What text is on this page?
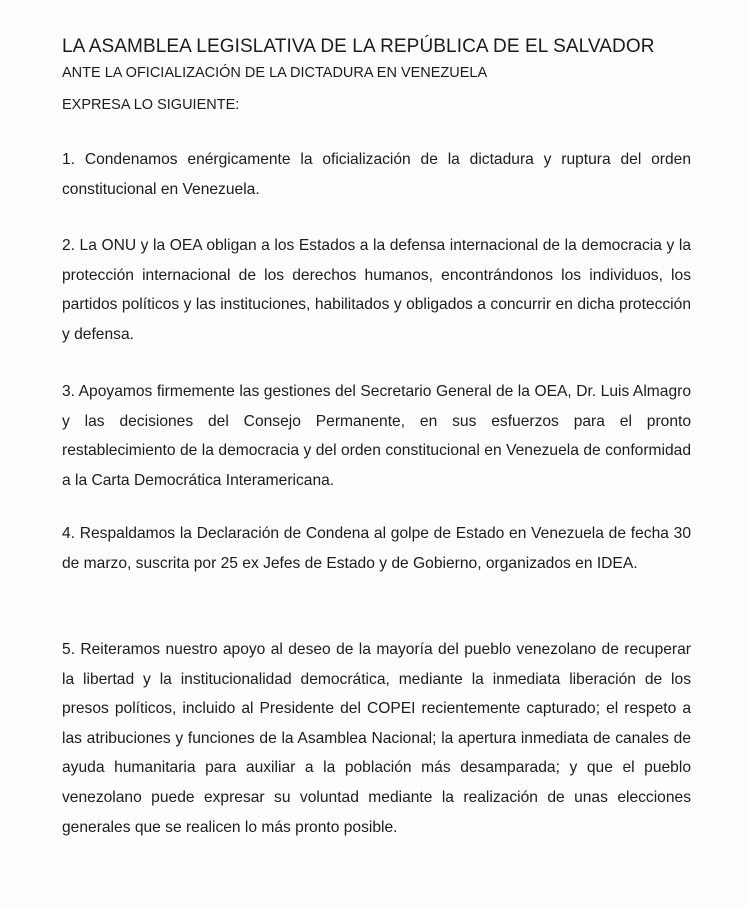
LA ASAMBLEA LEGISLATIVA DE LA REPÚBLICA DE EL SALVADOR

ANTE LA OFICIALIZACIÓN DE LA DICTADURA EN VENEZUELA

EXPRESA LO SIGUIENTE:

1. Condenamos enérgicamente la oficialización de la dictadura y ruptura del orden constitucional en Venezuela.

2. La ONU y la OEA obligan a los Estados a la defensa internacional de la democracia y la protección internacional de los derechos humanos, encontrándonos los individuos, los partidos políticos y las instituciones, habilitados y obligados a concurrir en dicha protección y defensa.

3. Apoyamos firmemente las gestiones del Secretario General de la OEA, Dr. Luis Almagro y las decisiones del Consejo Permanente, en sus esfuerzos para el pronto restablecimiento de la democracia y del orden constitucional en Venezuela de conformidad a la Carta Democrática Interamericana.

4. Respaldamos la Declaración de Condena al golpe de Estado en Venezuela de fecha 30 de marzo, suscrita por 25 ex Jefes de Estado y de Gobierno, organizados en IDEA.

5. Reiteramos nuestro apoyo al deseo de la mayoría del pueblo venezolano de recuperar la libertad y la institucionalidad democrática, mediante la inmediata liberación de los presos políticos, incluido al Presidente del COPEI recientemente capturado; el respeto a las atribuciones y funciones de la Asamblea Nacional; la apertura inmediata de canales de ayuda humanitaria para auxiliar a la población más desamparada; y que el pueblo venezolano puede expresar su voluntad mediante la realización de unas elecciones generales que se realicen lo más pronto posible.
